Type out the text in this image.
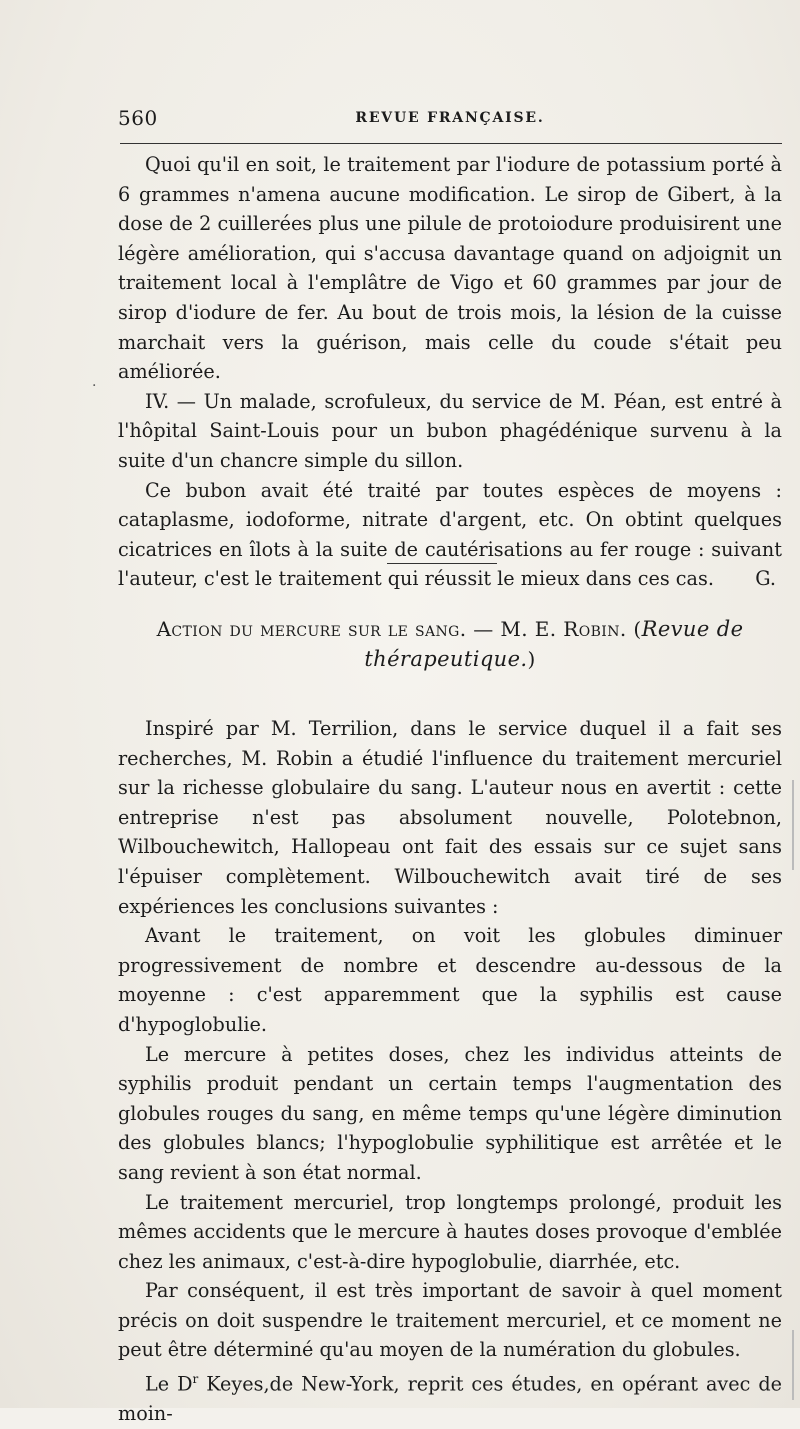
560	REVUE FRANÇAISE.
·

Quoi qu'il en soit, le traitement par l'iodure de potassium porté à 6 grammes n'amena aucune modification. Le sirop de Gibert, à la dose de 2 cuillerées plus une pilule de protoiodure produisirent une légère amélioration, qui s'accusa davantage quand on adjoignit un traitement local à l'emplâtre de Vigo et 60 grammes par jour de sirop d'iodure de fer. Au bout de trois mois, la lésion de la cuisse marchait vers la guérison, mais celle du coude s'était peu améliorée.

IV. — Un malade, scrofuleux, du service de M. Péan, est entré à l'hôpital Saint-Louis pour un bubon phagédénique survenu à la suite d'un chancre simple du sillon.

Ce bubon avait été traité par toutes espèces de moyens : cataplasme, iodoforme, nitrate d'argent, etc. On obtint quelques cicatrices en îlots à la suite de cautérisations au fer rouge : suivant l'auteur, c'est le traitement qui réussit le mieux dans ces cas.	G.

Action du mercure sur le sang. — M. E. Robin. (Revue de thérapeutique.)

Inspiré par M. Terrilion, dans le service duquel il a fait ses recherches, M. Robin a étudié l'influence du traitement mercuriel sur la richesse globulaire du sang. L'auteur nous en avertit : cette entreprise n'est pas absolument nouvelle, Polotebnon, Wilbouchewitch, Hallopeau ont fait des essais sur ce sujet sans l'épuiser complètement. Wilbouchewitch avait tiré de ses expériences les conclusions suivantes :

Avant le traitement, on voit les globules diminuer progressivement de nombre et descendre au-dessous de la moyenne : c'est apparemment que la syphilis est cause d'hypoglobulie.

Le mercure à petites doses, chez les individus atteints de syphilis produit pendant un certain temps l'augmentation des globules rouges du sang, en même temps qu'une légère diminution des globules blancs; l'hypoglobulie syphilitique est arrêtée et le sang revient à son état normal.

Le traitement mercuriel, trop longtemps prolongé, produit les mêmes accidents que le mercure à hautes doses provoque d'emblée chez les animaux, c'est-à-dire hypoglobulie, diarrhée, etc.

Par conséquent, il est très important de savoir à quel moment précis on doit suspendre le traitement mercuriel, et ce moment ne peut être déterminé qu'au moyen de la numération du globules.

Le $D^r$ Keyes,de New-York, reprit ces études, en opérant avec de moin-
